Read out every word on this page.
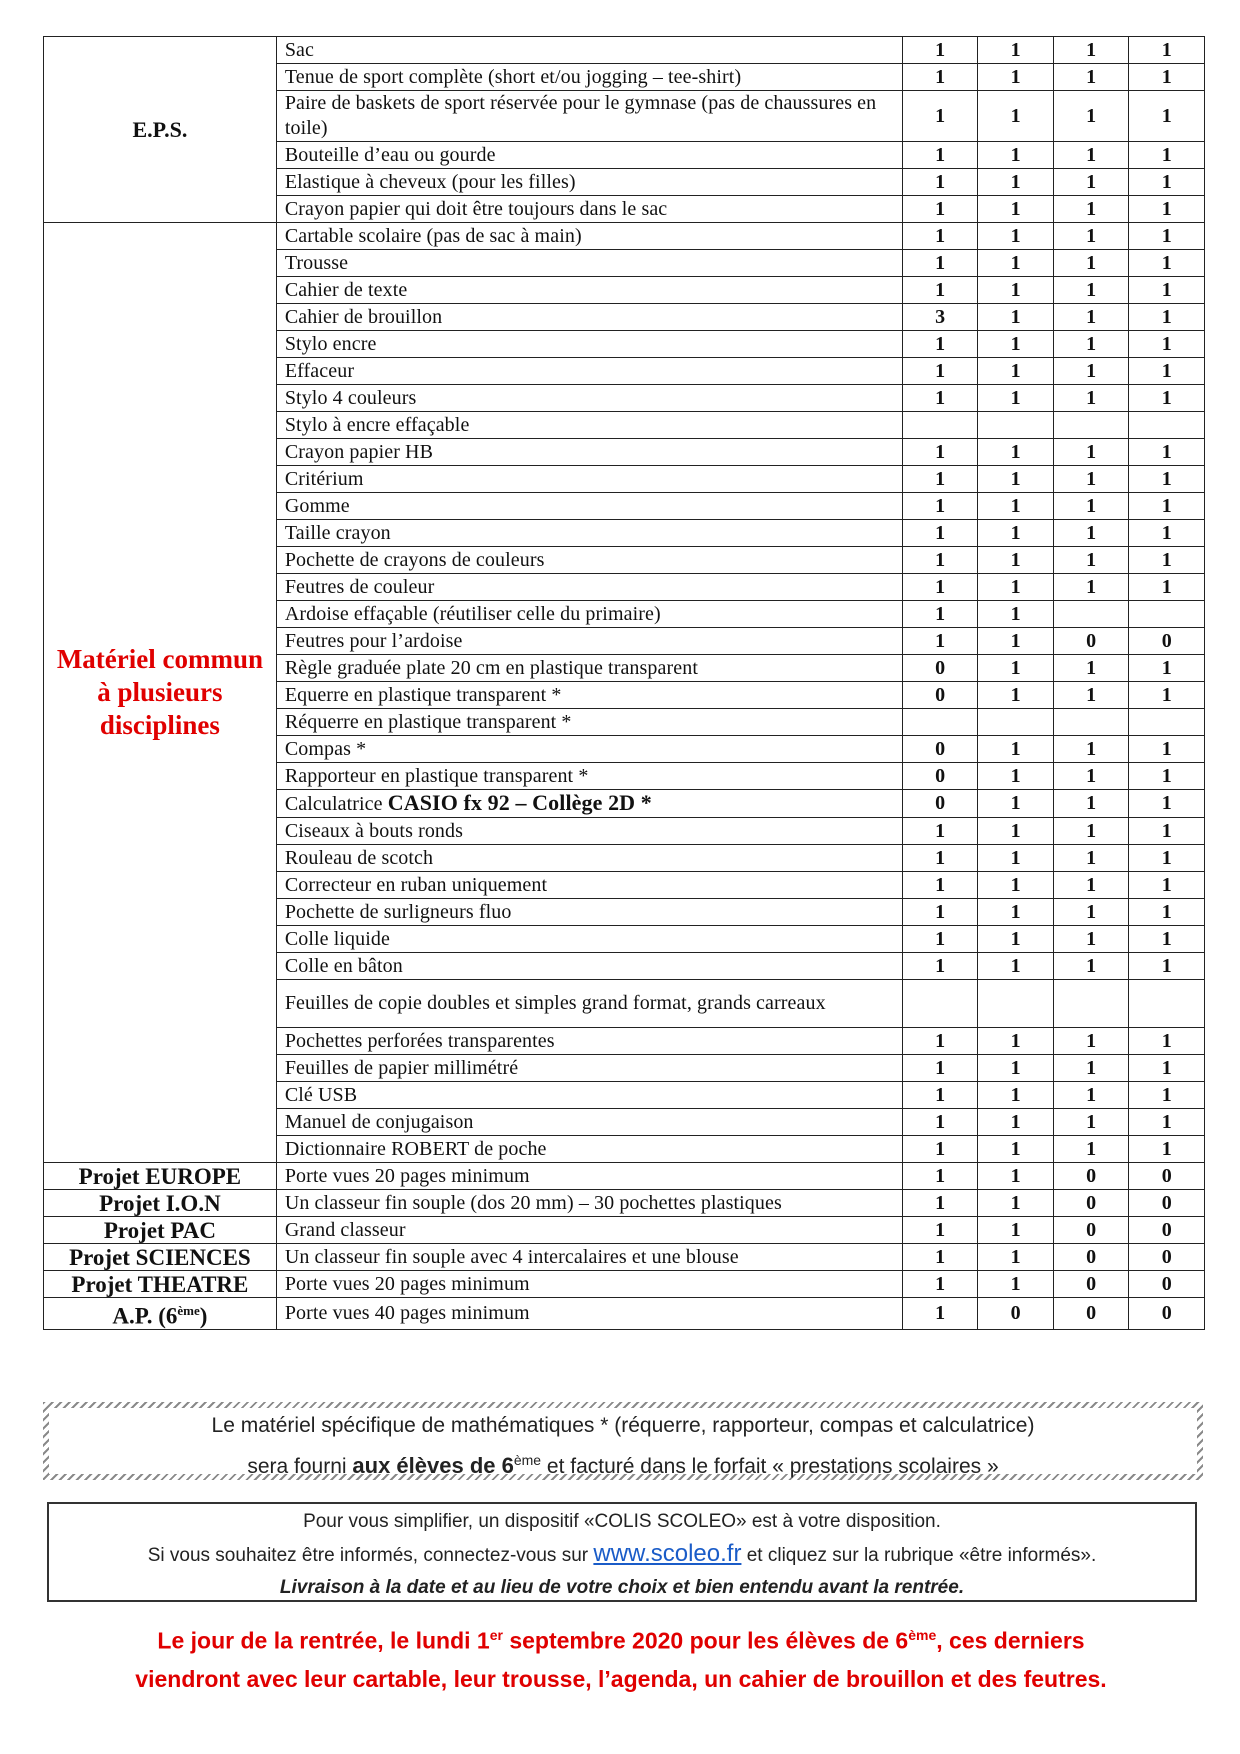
E.P.S.	Sac	1	1	1	1
	Tenue de sport complète (short et/ou jogging – tee-shirt)	1	1	1	1
	Paire de baskets de sport réservée pour le gymnase (pas de chaussures en toile)	1	1	1	1
	Bouteille d’eau ou gourde	1	1	1	1
	Elastique à cheveux (pour les filles)	1	1	1	1
	Crayon papier qui doit être toujours dans le sac	1	1	1	1
Matériel commun à plusieurs disciplines	Cartable scolaire (pas de sac à main)	1	1	1	1
	Trousse	1	1	1	1
	Cahier de texte	1	1	1	1
	Cahier de brouillon	3	1	1	1
	Stylo encre	1	1	1	1
	Effaceur	1	1	1	1
	Stylo 4 couleurs	1	1	1	1
	Stylo à encre effaçable				
	Crayon papier HB	1	1	1	1
	Critérium	1	1	1	1
	Gomme	1	1	1	1
	Taille crayon	1	1	1	1
	Pochette de crayons de couleurs	1	1	1	1
	Feutres de couleur	1	1	1	1
	Ardoise effaçable (réutiliser celle du primaire)	1	1		
	Feutres pour l’ardoise	1	1	0	0
	Règle graduée plate 20 cm en plastique transparent	0	1	1	1
	Equerre en plastique transparent *	0	1	1	1
	Réquerre en plastique transparent *				
	Compas *	0	1	1	1
	Rapporteur en plastique transparent *	0	1	1	1
	Calculatrice CASIO fx 92 – Collège 2D *	0	1	1	1
	Ciseaux à bouts ronds	1	1	1	1
	Rouleau de scotch	1	1	1	1
	Correcteur en ruban uniquement	1	1	1	1
	Pochette de surligneurs fluo	1	1	1	1
	Colle liquide	1	1	1	1
	Colle en bâton	1	1	1	1
	Feuilles de copie doubles et simples grand format, grands carreaux				
	Pochettes perforées transparentes	1	1	1	1
	Feuilles de papier millimétré	1	1	1	1
	Clé USB	1	1	1	1
	Manuel de conjugaison	1	1	1	1
	Dictionnaire ROBERT de poche	1	1	1	1
Projet EUROPE	Porte vues 20 pages minimum	1	1	0	0
Projet I.O.N	Un classeur fin souple (dos 20 mm) – 30 pochettes plastiques	1	1	0	0
Projet PAC	Grand classeur	1	1	0	0
Projet SCIENCES	Un classeur fin souple avec 4 intercalaires et une blouse	1	1	0	0
Projet THEATRE	Porte vues 20 pages minimum	1	1	0	0
A.P. (6ème)	Porte vues 40 pages minimum	1	0	0	0
Le matériel spécifique de mathématiques * (réquerre, rapporteur, compas et calculatrice)
sera fourni aux élèves de 6ème et facturé dans le forfait « prestations scolaires »
Pour vous simplifier, un dispositif «COLIS SCOLEO» est à votre disposition.
Si vous souhaitez être informés, connectez-vous sur www.scoleo.fr et cliquez sur la rubrique «être informés».
Livraison à la date et au lieu de votre choix et bien entendu avant la rentrée.
Le jour de la rentrée, le lundi 1er septembre 2020 pour les élèves de 6ème, ces derniers
viendront avec leur cartable, leur trousse, l’agenda, un cahier de brouillon et des feutres.
